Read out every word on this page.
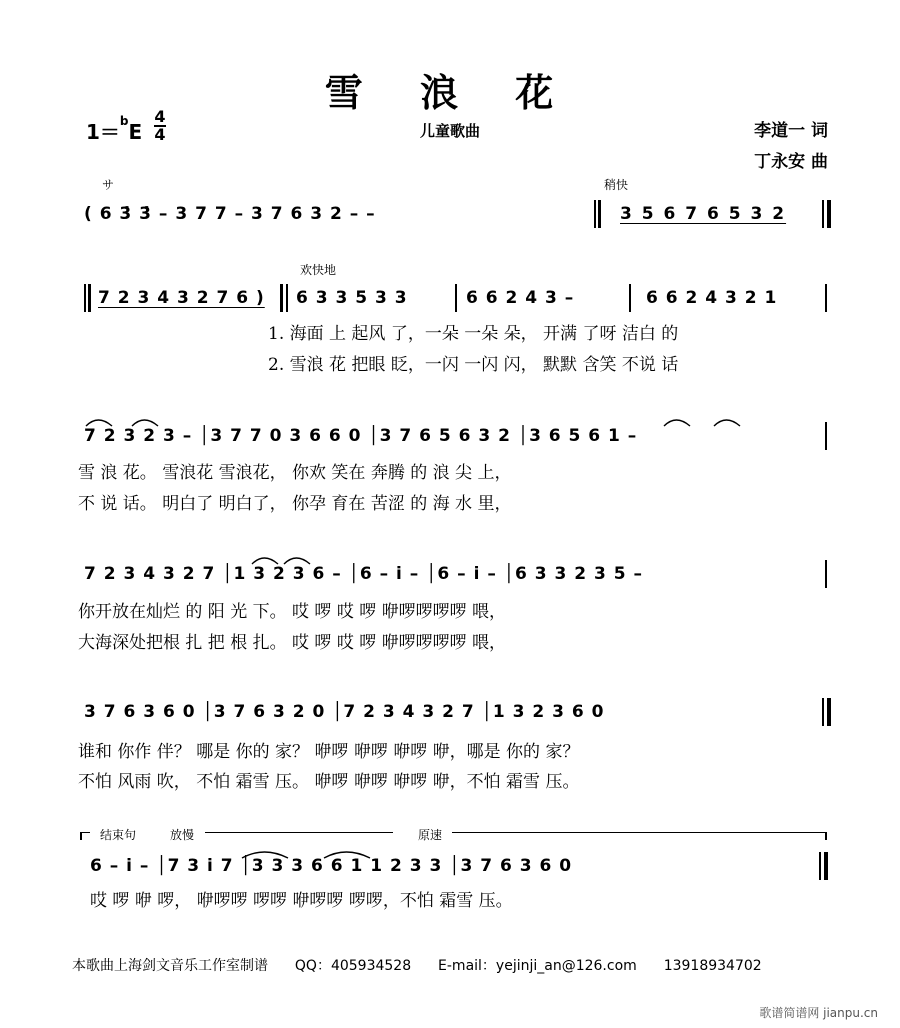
雪 浪 花
1＝$^b$E
4
4	儿童歌曲	李道一 词
丁永安 曲
サ	稍快
( 6 3̇ 3̇ – 3 7 7 – 3 7 6 3 2 – –	3 5 6 7 6 5 3 2
欢快地
7 2 3 4 3 2 7 6 ) 6 3 3 5 3 3	6 6 2 4 3 –	6 6 2 4 3 2 1
1. 海面 上 起风 了，一朵 一朵 朵， 开满 了呀 洁白 的
2. 雪浪 花 把眼 眨，一闪 一闪 闪， 默默 含笑 不说 话
7 2 3 2 3 – │3 7 7 0 3 6 6 0 │3 7 6 5 6 3 2 │3 6 5 6 1 –
雪 浪 花。 雪浪花 雪浪花， 你欢 笑在 奔腾 的 浪 尖 上，
不 说 话。 明白了 明白了， 你孕 育在 苦涩 的 海 水 里，
7 2 3 4 3 2 7 │1 3 2 3 6 – │6 – i – │6 – i – │6 3 3 2 3 5 –
你开放在灿烂 的 阳 光 下。 哎 啰 哎 啰 咿啰啰啰啰 喂，
大海深处把根 扎 把 根 扎。 哎 啰 哎 啰 咿啰啰啰啰 喂，
3 7 6 3 6 0 │3 7 6 3 2 0 │7 2 3 4 3 2 7 │1 3 2 3 6 0
谁和 你作 伴？ 哪是 你的 家？ 咿啰 咿啰 咿啰 咿，哪是 你的 家？
不怕 风雨 吹， 不怕 霜雪 压。 咿啰 咿啰 咿啰 咿，不怕 霜雪 压。
结束句	放慢	原速
6 – i – │7 3 i 7 │3 3 3 6 6 1 1 2 3 3 │3 7 6 3 6 0
哎 啰 咿 啰， 咿啰啰 啰啰 咿啰啰 啰啰，不怕 霜雪 压。
本歌曲上海剑文音乐工作室制谱 QQ：405934528 E-mail：yejinji_an@126.com 13918934702
歌谱简谱网 jianpu.cn
